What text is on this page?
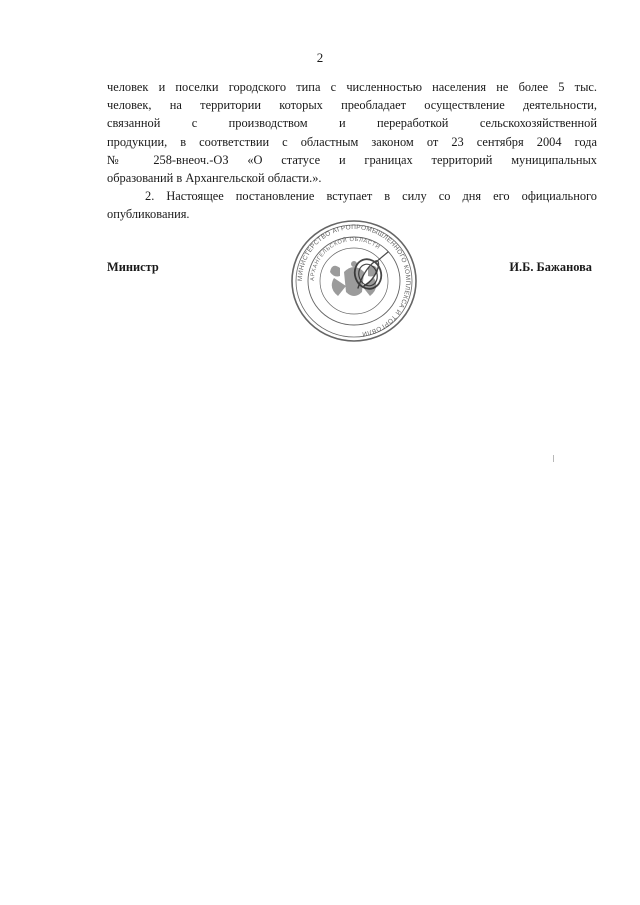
2
человек и поселки городского типа с численностью населения не более 5 тыс.
человек, на территории которых преобладает осуществление деятельности,
связанной с производством и переработкой сельскохозяйственной
продукции, в соответствии с областным законом от 23 сентября 2004 года
№ 258-внеоч.-ОЗ «О статусе и границах территорий муниципальных
образований в Архангельской области.».
2. Настоящее постановление вступает в силу со дня его официального
опубликования.
Министр
МИНИСТЕРСТВО АГРОПРОМЫШЛЕННОГО КОМПЛЕКСА И ТОРГОВЛИ
АРХАНГЕЛЬСКОЙ ОБЛАСТИ
И.Б. Бажанова
